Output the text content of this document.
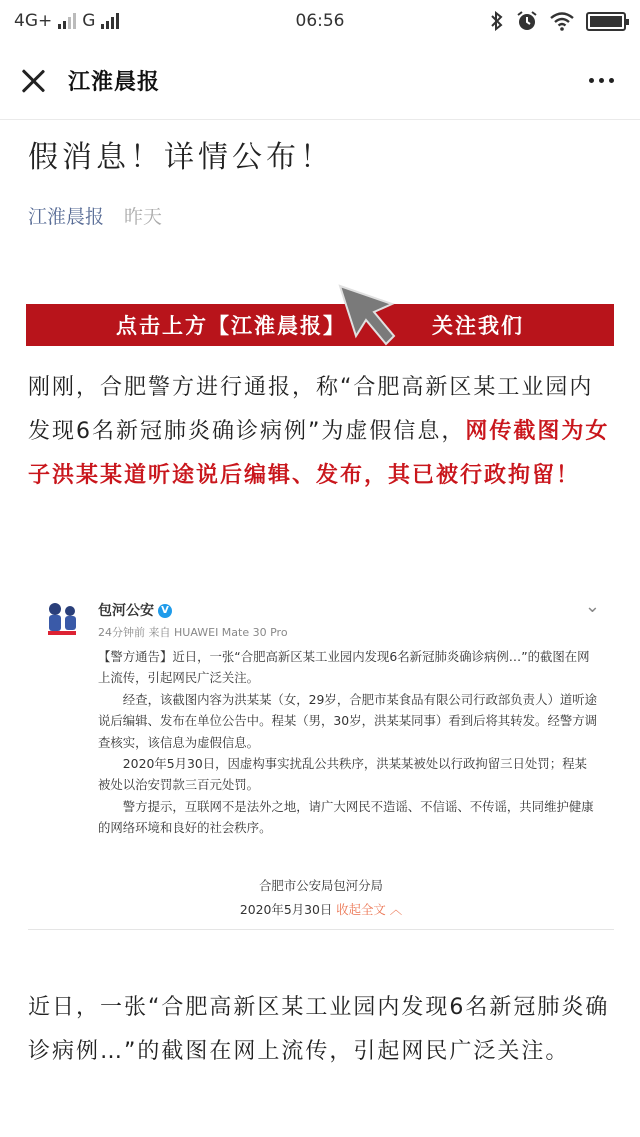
4G+ G	06:56
江淮晨报
假消息！详情公布！
江淮晨报 昨天
点击上方【江淮晨报】	关注我们
刚刚，合肥警方进行通报，称“合肥高新区某工业园内发现6名新冠肺炎确诊病例”为虚假信息，网传截图为女子洪某某道听途说后编辑、发布，其已被行政拘留！
包河公安 V
24分钟前 来自 HUAWEI Mate 30 Pro
⌄

【警方通告】近日，一张“合肥高新区某工业园内发现6名新冠肺炎确诊病例…”的截图在网上流传，引起网民广泛关注。

经查，该截图内容为洪某某（女，29岁，合肥市某食品有限公司行政部负责人）道听途说后编辑、发布在单位公告中。程某（男，30岁，洪某某同事）看到后将其转发。经警方调查核实，该信息为虚假信息。

2020年5月30日，因虚构事实扰乱公共秩序，洪某某被处以行政拘留三日处罚；程某被处以治安罚款三百元处罚。

警方提示，互联网不是法外之地，请广大网民不造谣、不信谣、不传谣，共同维护健康的网络环境和良好的社会秩序。

合肥市公安局包河分局
2020年5月30日 收起全文 ︿
近日，一张“合肥高新区某工业园内发现6名新冠肺炎确诊病例…”的截图在网上流传，引起网民广泛关注。
